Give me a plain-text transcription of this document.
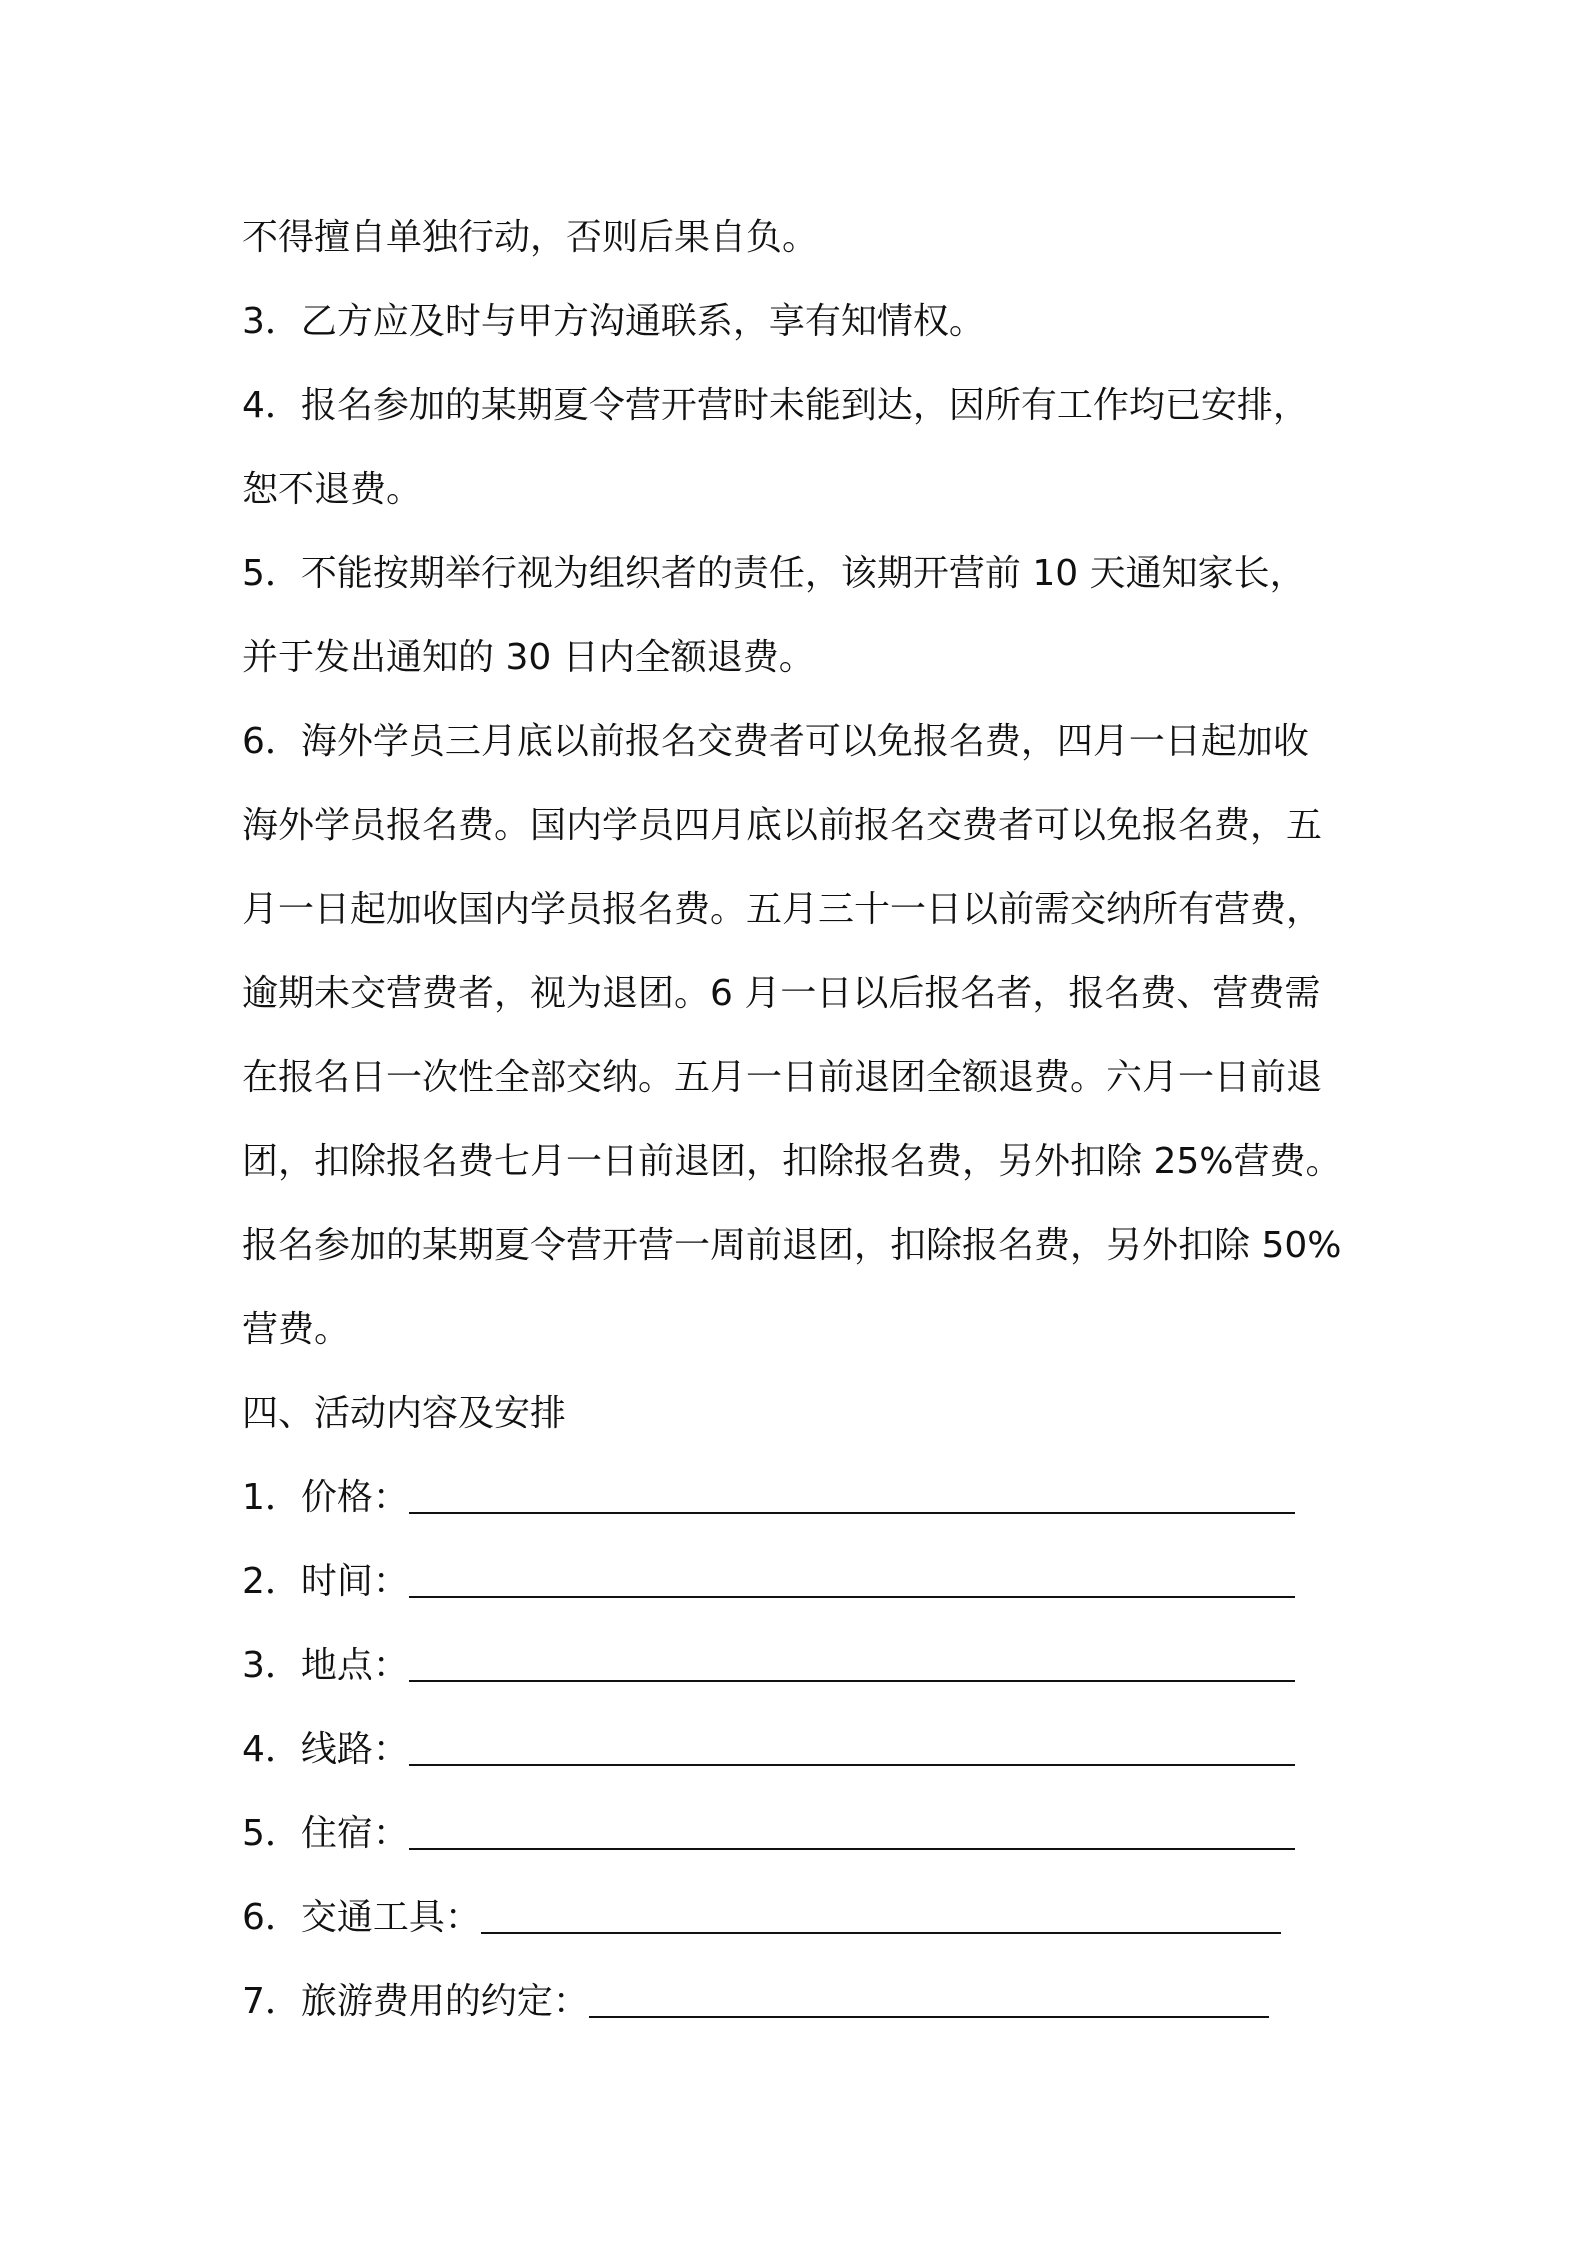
不得擅自单独行动，否则后果自负。
3．乙方应及时与甲方沟通联系，享有知情权。
4．报名参加的某期夏令营开营时未能到达，因所有工作均已安排，
恕不退费。
5．不能按期举行视为组织者的责任，该期开营前 10 天通知家长，
并于发出通知的 30 日内全额退费。
6．海外学员三月底以前报名交费者可以免报名费，四月一日起加收
海外学员报名费。国内学员四月底以前报名交费者可以免报名费，五
月一日起加收国内学员报名费。五月三十一日以前需交纳所有营费，
逾期未交营费者，视为退团。6 月一日以后报名者，报名费、营费需
在报名日一次性全部交纳。五月一日前退团全额退费。六月一日前退
团，扣除报名费七月一日前退团，扣除报名费，另外扣除 25%营费。
报名参加的某期夏令营开营一周前退团，扣除报名费，另外扣除 50%
营费。
四、活动内容及安排
1．价格：
2．时间：
3．地点：
4．线路：
5．住宿：
6．交通工具：
7．旅游费用的约定：
